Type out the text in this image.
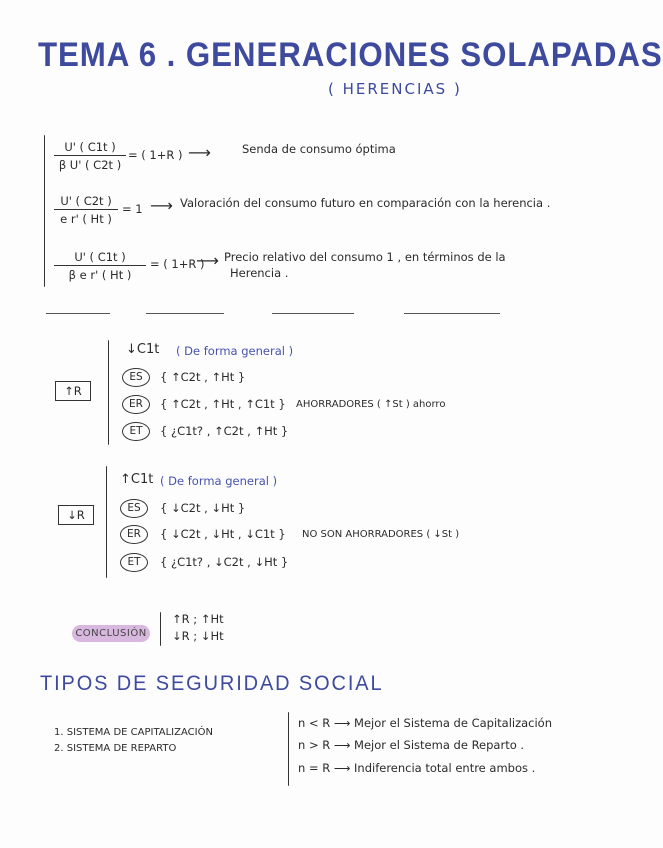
TEMA 6 . GENERACIONES SOLAPADAS
( HERENCIAS )
$\frac{U' ( C1t )}{\text{β U' ( C2t )}}$ = ( 1+R ) ⟶	Senda de consumo óptima
$\frac{U' ( C2t )}{\text{e r' ( Ht )}} = 1$ ⟶ Valoración del consumo futuro en comparación con la herencia .
$\frac{U' ( C1t )}{\text{β e r' ( Ht )}}$ = ( 1+R )
⟶ Precio relativo del consumo 1 , en términos de la
Herencia .
↑R
↓C1t ( De forma general )
ES	{ ↑C2t , ↑Ht }
ER	{ ↑C2t , ↑Ht , ↑C1t } AHORRADORES ( ↑St ) ahorro
ET	{ ¿C1t? , ↑C2t , ↑Ht }
↓R
↑C1t ( De forma general )
ES	{ ↓C2t , ↓Ht }
ER	{ ↓C2t , ↓Ht , ↓C1t } NO SON AHORRADORES ( ↓St )
ET	{ ¿C1t? , ↓C2t , ↓Ht }
CONCLUSIÓN
↑R ; ↑Ht
↓R ; ↓Ht
TIPOS DE SEGURIDAD SOCIAL
1. SISTEMA DE CAPITALIZACIÓN
2. SISTEMA DE REPARTO
n < R ⟶ Mejor el Sistema de Capitalización
n > R ⟶ Mejor el Sistema de Reparto .
n = R ⟶ Indiferencia total entre ambos .
